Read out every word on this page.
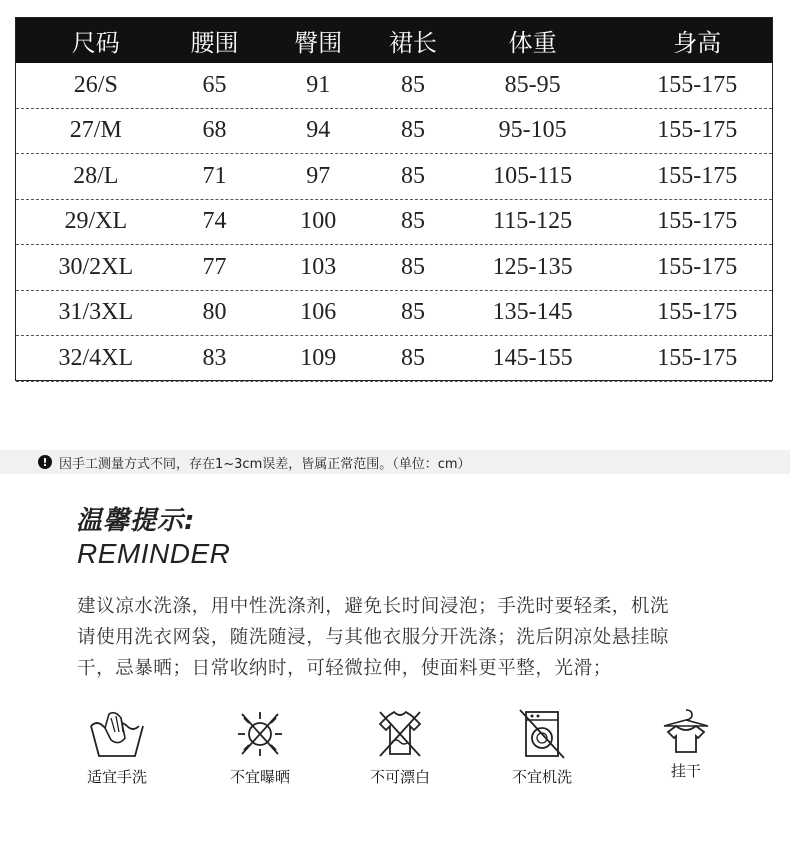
尺码	腰围	臀围	裙长	体重	身高
26/S	65	91	85	85-95	155-175
27/M	68	94	85	95-105	155-175
28/L	71	97	85	105-115	155-175
29/XL	74	100	85	115-125	155-175
30/2XL	77	103	85	125-135	155-175
31/3XL	80	106	85	135-145	155-175
32/4XL	83	109	85	145-155	155-175
! 因手工测量方式不同，存在1~3cm误差，皆属正常范围。（单位：cm）
温馨提示:
REMINDER
建议凉水洗涤，用中性洗涤剂，避免长时间浸泡；手洗时要轻柔，机洗
请使用洗衣网袋，随洗随浸，与其他衣服分开洗涤；洗后阴凉处悬挂晾
干，忌暴晒；日常收纳时，可轻微拉伸，使面料更平整，光滑；
适宜手洗	不宜曝晒	不可漂白	不宜机洗	挂干
